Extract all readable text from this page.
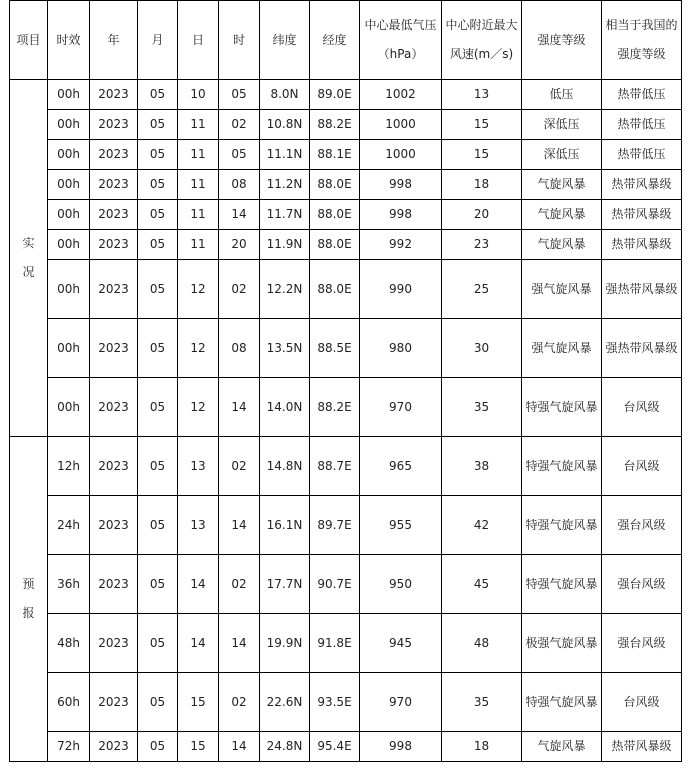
项目	时效	年	月	日	时	纬度	经度	中心最低气压（hPa）	中心附近最大风速(m／s)	强度等级	相当于我国的强度等级
实况	00h	2023	05	10	05	8.0N	89.0E	1002	13	低压	热带低压
	00h	2023	05	11	02	10.8N	88.2E	1000	15	深低压	热带低压
	00h	2023	05	11	05	11.1N	88.1E	1000	15	深低压	热带低压
	00h	2023	05	11	08	11.2N	88.0E	998	18	气旋风暴	热带风暴级
	00h	2023	05	11	14	11.7N	88.0E	998	20	气旋风暴	热带风暴级
	00h	2023	05	11	20	11.9N	88.0E	992	23	气旋风暴	热带风暴级
	00h	2023	05	12	02	12.2N	88.0E	990	25	强气旋风暴	强热带风暴级
	00h	2023	05	12	08	13.5N	88.5E	980	30	强气旋风暴	强热带风暴级
	00h	2023	05	12	14	14.0N	88.2E	970	35	特强气旋风暴	台风级
预报	12h	2023	05	13	02	14.8N	88.7E	965	38	特强气旋风暴	台风级
	24h	2023	05	13	14	16.1N	89.7E	955	42	特强气旋风暴	强台风级
	36h	2023	05	14	02	17.7N	90.7E	950	45	特强气旋风暴	强台风级
	48h	2023	05	14	14	19.9N	91.8E	945	48	极强气旋风暴	强台风级
	60h	2023	05	15	02	22.6N	93.5E	970	35	特强气旋风暴	台风级
	72h	2023	05	15	14	24.8N	95.4E	998	18	气旋风暴	热带风暴级
